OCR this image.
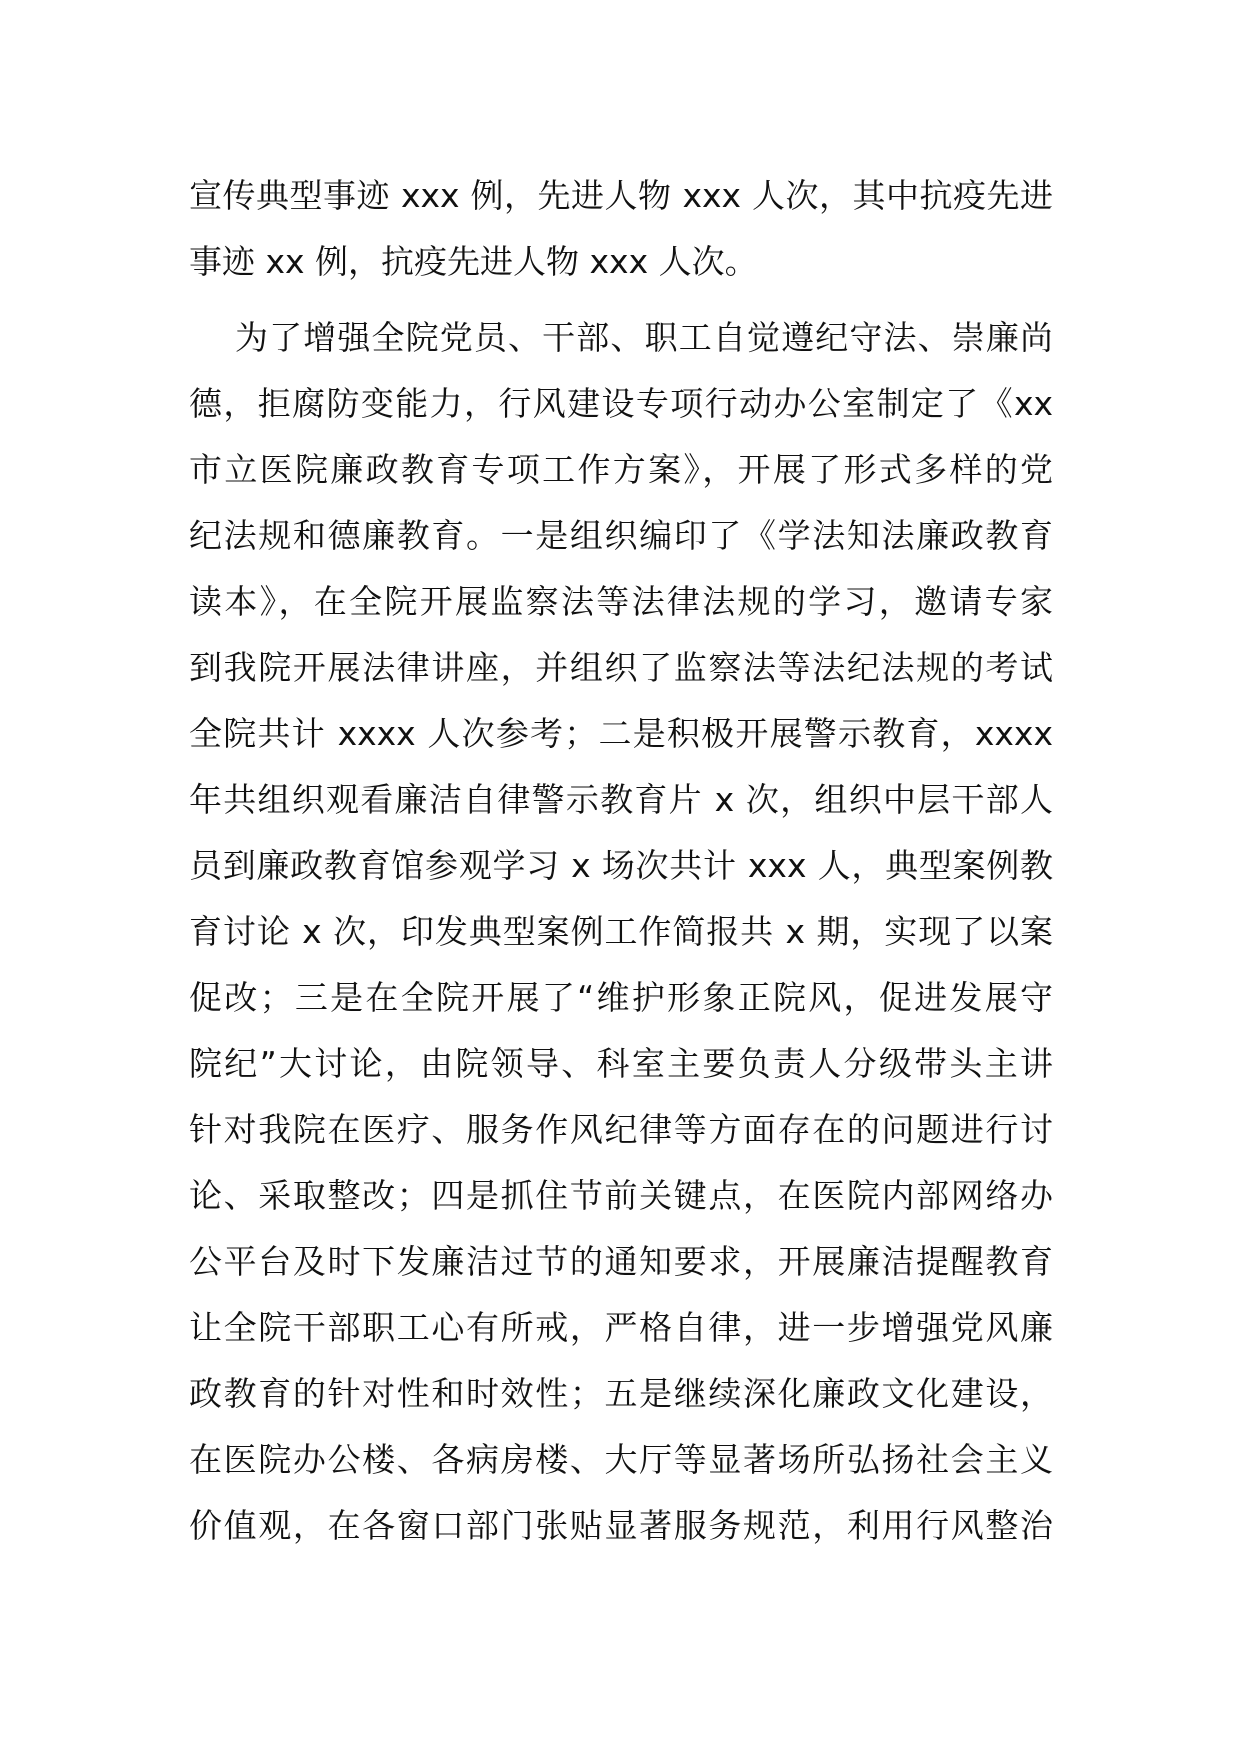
宣传典型事迹 xxx 例，先进人物 xxx 人次，其中抗疫先进
事迹 xx 例，抗疫先进人物 xxx 人次。
为了增强全院党员、干部、职工自觉遵纪守法、崇廉尚
德，拒腐防变能力，行风建设专项行动办公室制定了《xx
市立医院廉政教育专项工作方案》，开展了形式多样的党
纪法规和德廉教育。一是组织编印了《学法知法廉政教育
读本》，在全院开展监察法等法律法规的学习，邀请专家
到我院开展法律讲座，并组织了监察法等法纪法规的考试
全院共计 xxxx 人次参考；二是积极开展警示教育，xxxx
年共组织观看廉洁自律警示教育片 x 次，组织中层干部人
员到廉政教育馆参观学习 x 场次共计 xxx 人，典型案例教
育讨论 x 次，印发典型案例工作简报共 x 期，实现了以案
促改；三是在全院开展了“维护形象正院风，促进发展守
院纪”大讨论，由院领导、科室主要负责人分级带头主讲
针对我院在医疗、服务作风纪律等方面存在的问题进行讨
论、采取整改；四是抓住节前关键点，在医院内部网络办
公平台及时下发廉洁过节的通知要求，开展廉洁提醒教育
让全院干部职工心有所戒，严格自律，进一步增强党风廉
政教育的针对性和时效性；五是继续深化廉政文化建设，
在医院办公楼、各病房楼、大厅等显著场所弘扬社会主义
价值观，在各窗口部门张贴显著服务规范，利用行风整治
